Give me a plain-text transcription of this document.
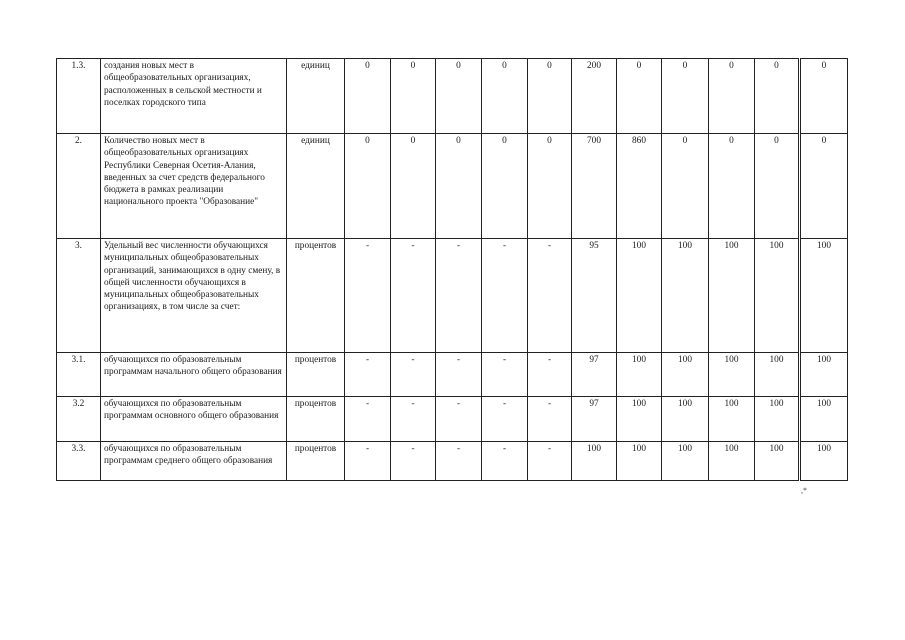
1.3.	создания новых мест в общеобразовательных организациях, расположенных в сельской местности и поселках городского типа	единиц	0	0	0	0	0	200	0	0	0	0	0
2.	Количество новых мест в общеобразовательных организациях Республики Северная Осетия-Алания, введенных за счет средств федерального бюджета в рамках реализации национального проекта "Образование"	единиц	0	0	0	0	0	700	860	0	0	0	0
3.	Удельный вес численности обучающихся муниципальных общеобразовательных организаций, занимающихся в одну смену, в общей численности обучающихся в муниципальных общеобразовательных организациях, в том числе за счет:	процентов	-	-	-	-	-	95	100	100	100	100	100
3.1.	обучающихся по образовательным программам начального общего образования	процентов	-	-	-	-	-	97	100	100	100	100	100
3.2	обучающихся по образовательным программам основного общего образования	процентов	-	-	-	-	-	97	100	100	100	100	100
3.3.	обучающихся по образовательным программам среднего общего образования	процентов	-	-	-	-	-	100	100	100	100	100	100
,*
